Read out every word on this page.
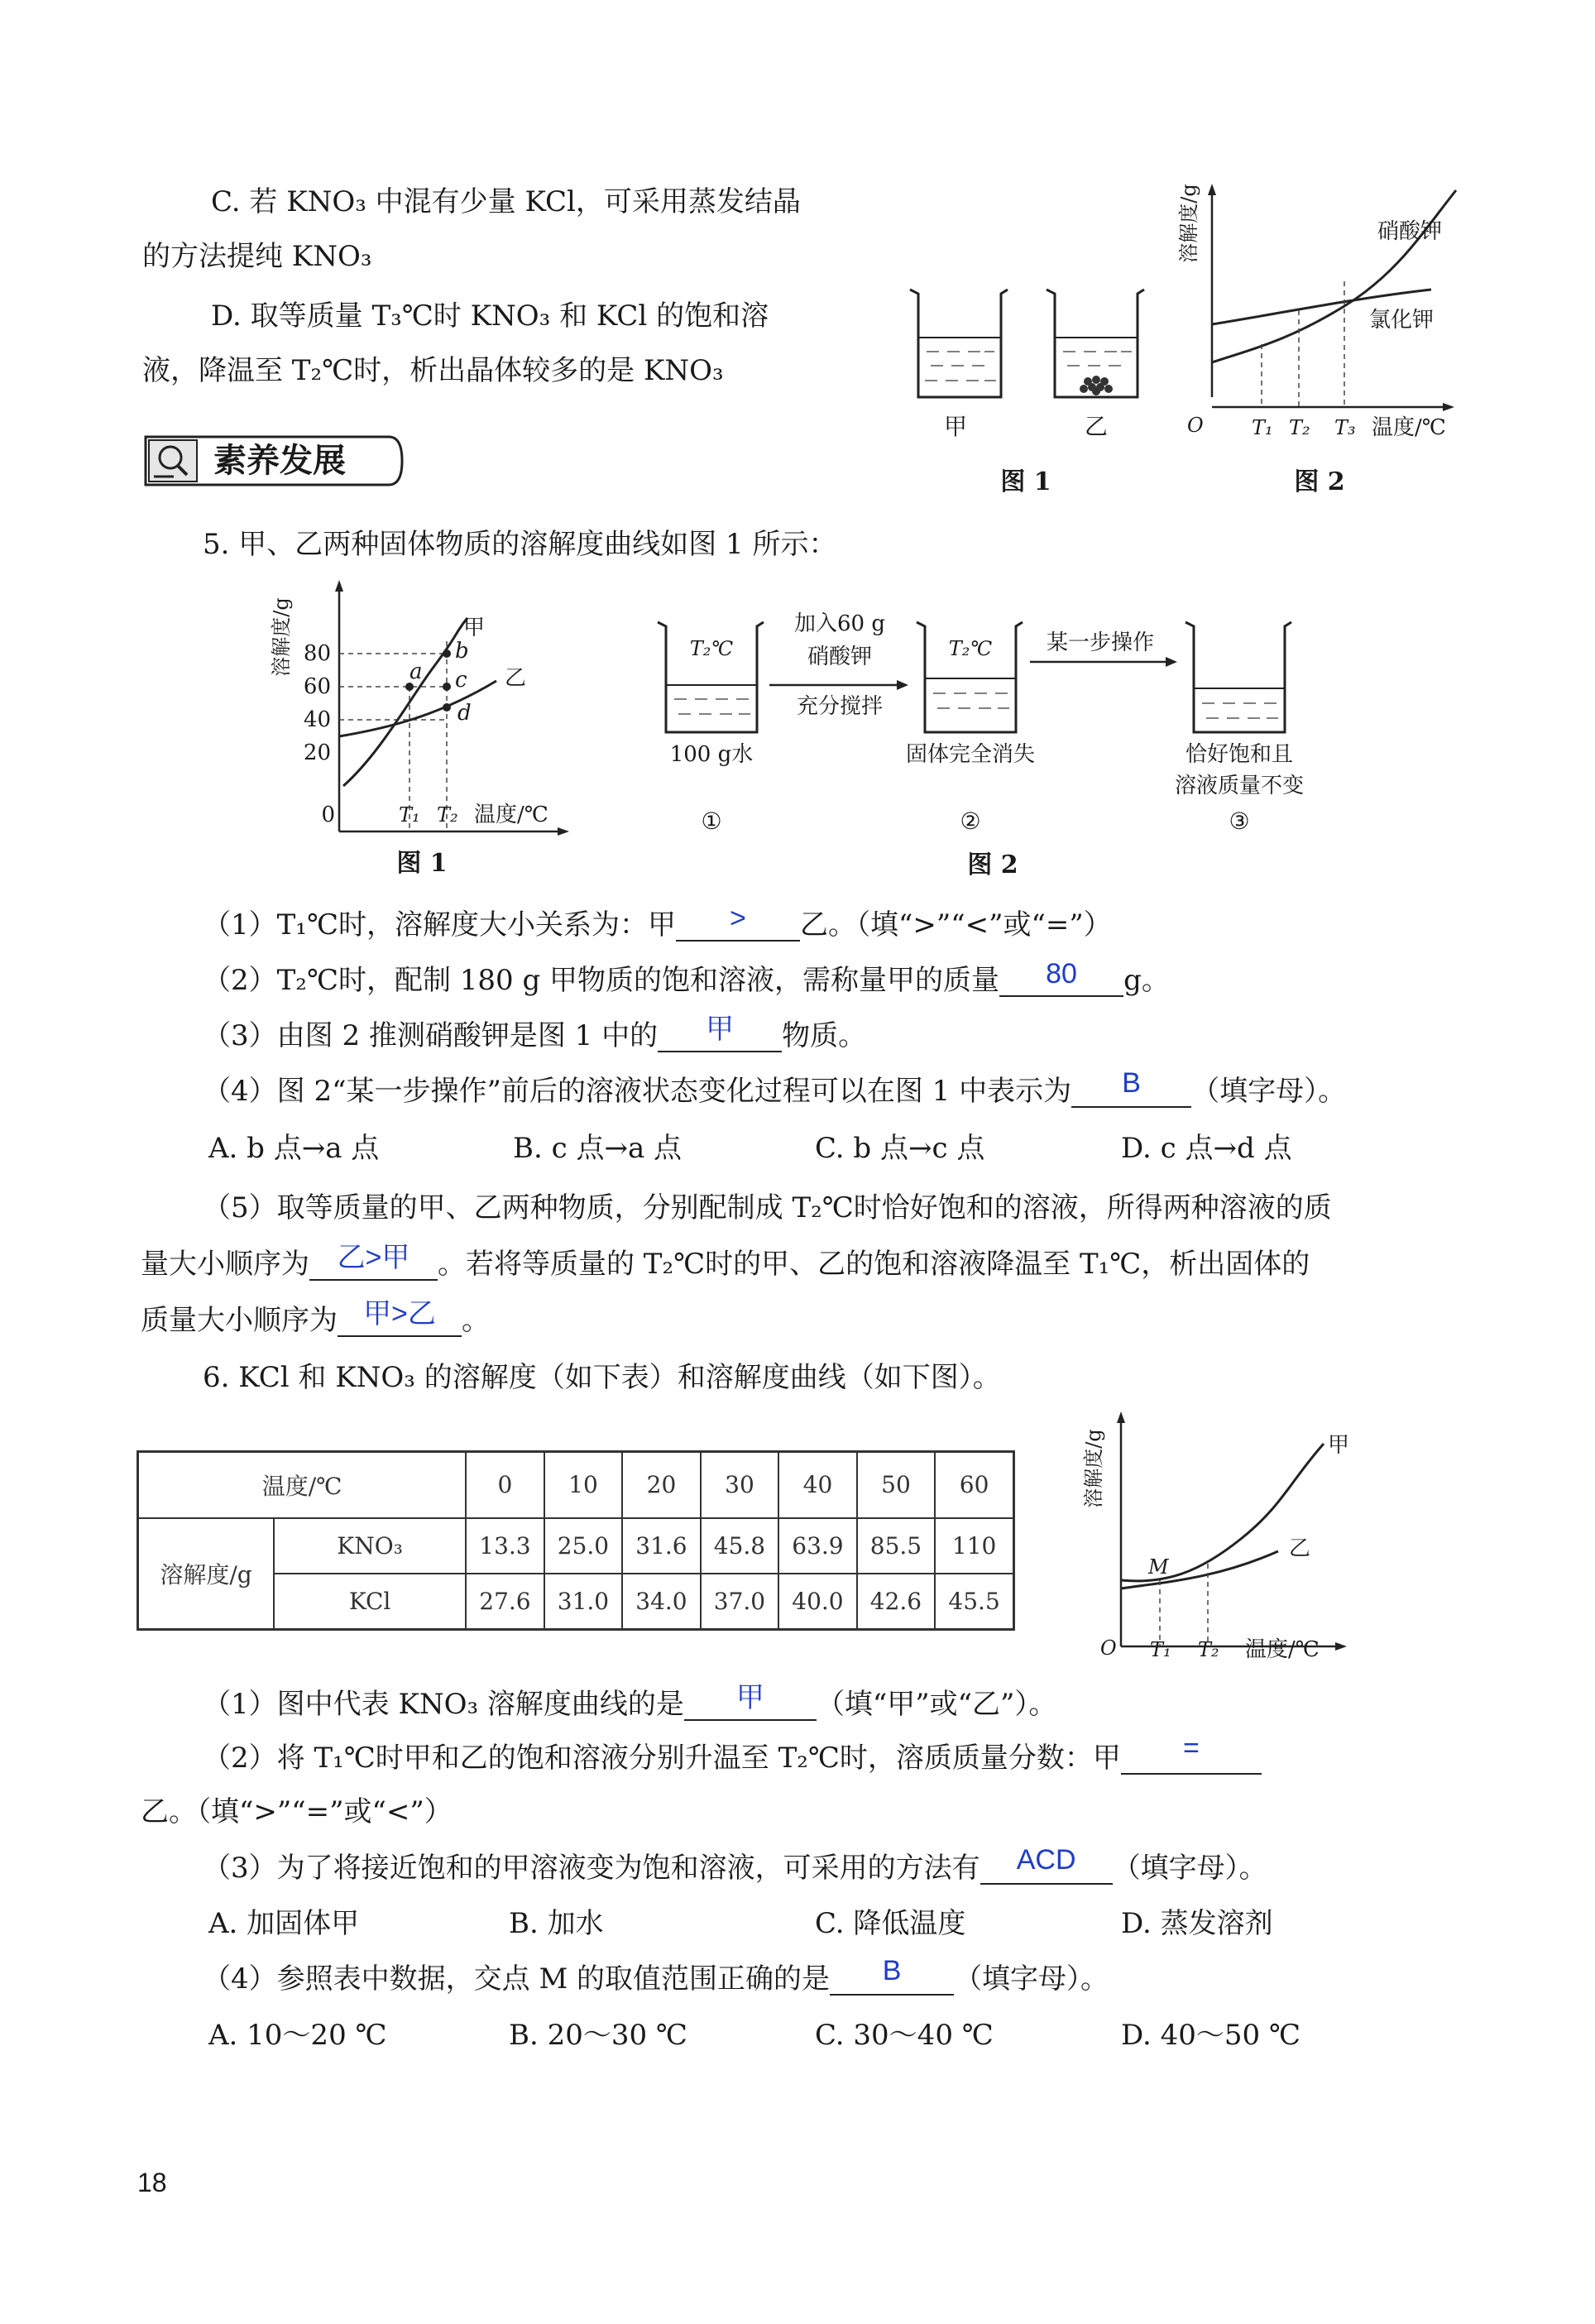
C. 若 KNO₃ 中混有少量 KCl，可采用蒸发结晶
的方法提纯 KNO₃
D. 取等质量 T₃℃时 KNO₃ 和 KCl 的饱和溶
液，降温至 T₂℃时，析出晶体较多的是 KNO₃
甲	乙
图 1
溶解度/g	硝酸钾
氯化钾
O T₁ T₂ T₃ 温度/℃
图 2
素养发展
5. 甲、乙两种固体物质的溶解度曲线如图 1 所示：
溶解度/g 80
60
40
20
甲
乙
b
a c
d
0	T₁ T₂ 温度/℃
图 1
T₂℃
100 g水
加入60 g
硝酸钾
充分搅拌
T₂℃
固体完全消失
某一步操作
恰好饱和且
溶液质量不变
①	②	③
图 2
（1）T₁℃时，溶解度大小关系为：甲	>	乙。（填“>”“<”或“=”）
（2）T₂℃时，配制 180 g 甲物质的饱和溶液，需称量甲的质量	80	g。
（3）由图 2 推测硝酸钾是图 1 中的	甲	物质。
（4）图 2“某一步操作”前后的溶液状态变化过程可以在图 1 中表示为	B	（填字母）。
A. b 点→a 点	B. c 点→a 点	C. b 点→c 点	D. c 点→d 点
（5）取等质量的甲、乙两种物质，分别配制成 T₂℃时恰好饱和的溶液，所得两种溶液的质
量大小顺序为 乙>甲 。若将等质量的 T₂℃时的甲、乙的饱和溶液降温至 T₁℃，析出固体的
质量大小顺序为 甲>乙 。
6. KCl 和 KNO₃ 的溶解度（如下表）和溶解度曲线（如下图）。
温度/℃		0	10	20	30	40	50	60
溶解度/g	KNO₃	13.3	25.0	31.6	45.8	63.9	85.5	110
	KCl	27.6	31.0	34.0	37.0	40.0	42.6	45.5
溶解度/g	甲
乙
M
O T₁ T₂ 温度/℃
（1）图中代表 KNO₃ 溶解度曲线的是	甲	（填“甲”或“乙”）。
（2）将 T₁℃时甲和乙的饱和溶液分别升温至 T₂℃时，溶质质量分数：甲	=
乙。（填“>”“=”或“<”）
（3）为了将接近饱和的甲溶液变为饱和溶液，可采用的方法有	ACD	（填字母）。
A. 加固体甲	B. 加水	C. 降低温度	D. 蒸发溶剂
（4）参照表中数据，交点 M 的取值范围正确的是	B	（填字母）。
A. 10～20 ℃	B. 20～30 ℃	C. 30～40 ℃	D. 40～50 ℃
18
